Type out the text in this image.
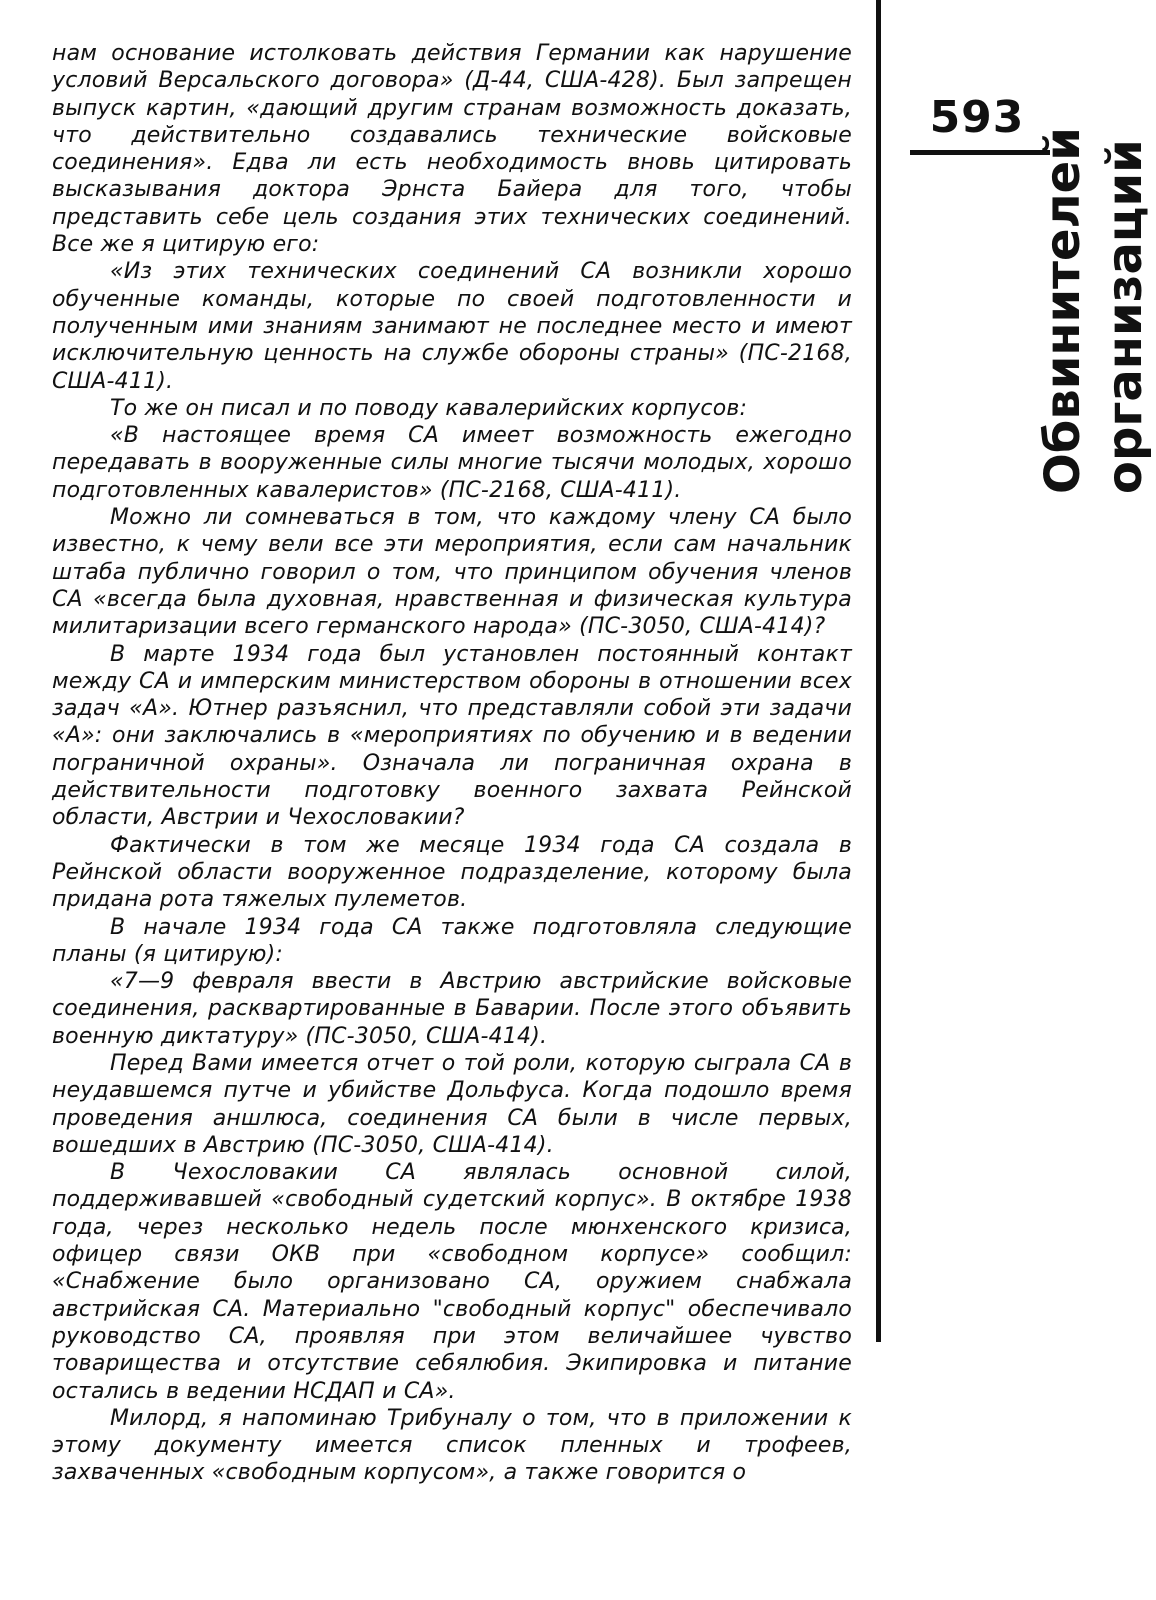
нам основание истолковать действия Германии как нарушение условий Версальского договора» (Д-44, США-428). Был запрещен выпуск картин, «дающий другим странам возможность доказать, что действительно создавались технические войсковые соединения». Едва ли есть необходимость вновь цитировать высказывания доктора Эрнста Байера для того, чтобы представить себе цель создания этих технических соединений. Все же я цитирую его:

«Из этих технических соединений СА возникли хорошо обученные команды, которые по своей подготовленности и полученным ими знаниям занимают не последнее место и имеют исключительную ценность на службе обороны страны» (ПС-2168, США-411).

То же он писал и по поводу кавалерийских корпусов:

«В настоящее время СА имеет возможность ежегодно передавать в вооруженные силы многие тысячи молодых, хорошо подготовленных кавалеристов» (ПС-2168, США-411).

Можно ли сомневаться в том, что каждому члену СА было известно, к чему вели все эти мероприятия, если сам начальник штаба публично говорил о том, что принципом обучения членов СА «всегда была духовная, нравственная и физическая культура милитаризации всего германского народа» (ПС-3050, США-414)?

В марте 1934 года был установлен постоянный контакт между СА и имперским министерством обороны в отношении всех задач «А». Ютнер разъяснил, что представляли собой эти задачи «А»: они заключались в «мероприятиях по обучению и в ведении пограничной охраны». Означала ли пограничная охрана в действительности подготовку военного захвата Рейнской области, Австрии и Чехословакии?

Фактически в том же месяце 1934 года СА создала в Рейнской области вооруженное подразделение, которому была придана рота тяжелых пулеметов.

В начале 1934 года СА также подготовляла следующие планы (я цитирую):

«7—9 февраля ввести в Австрию австрийские войсковые соединения, расквартированные в Баварии. После этого объявить военную диктатуру» (ПС-3050, США-414).

Перед Вами имеется отчет о той роли, которую сыграла СА в неудавшемся путче и убийстве Дольфуса. Когда подошло время проведения аншлюса, соединения СА были в числе первых, вошедших в Австрию (ПС-3050, США-414).

В Чехословакии СА являлась основной силой, поддерживавшей «свободный судетский корпус». В октябре 1938 года, через несколько недель после мюнхенского кризиса, офицер связи ОКВ при «свободном корпусе» сообщил: «Снабжение было организовано СА, оружием снабжала австрийская СА. Материально "свободный корпус" обеспечивало руководство СА, проявляя при этом величайшее чувство товарищества и отсутствие себялюбия. Экипировка и питание остались в ведении НСДАП и СА».

Милорд, я напоминаю Трибуналу о том, что в приложении к этому документу имеется список пленных и трофеев, захваченных «свободным корпусом», а также говорится о

593
Обвинителей организаций
